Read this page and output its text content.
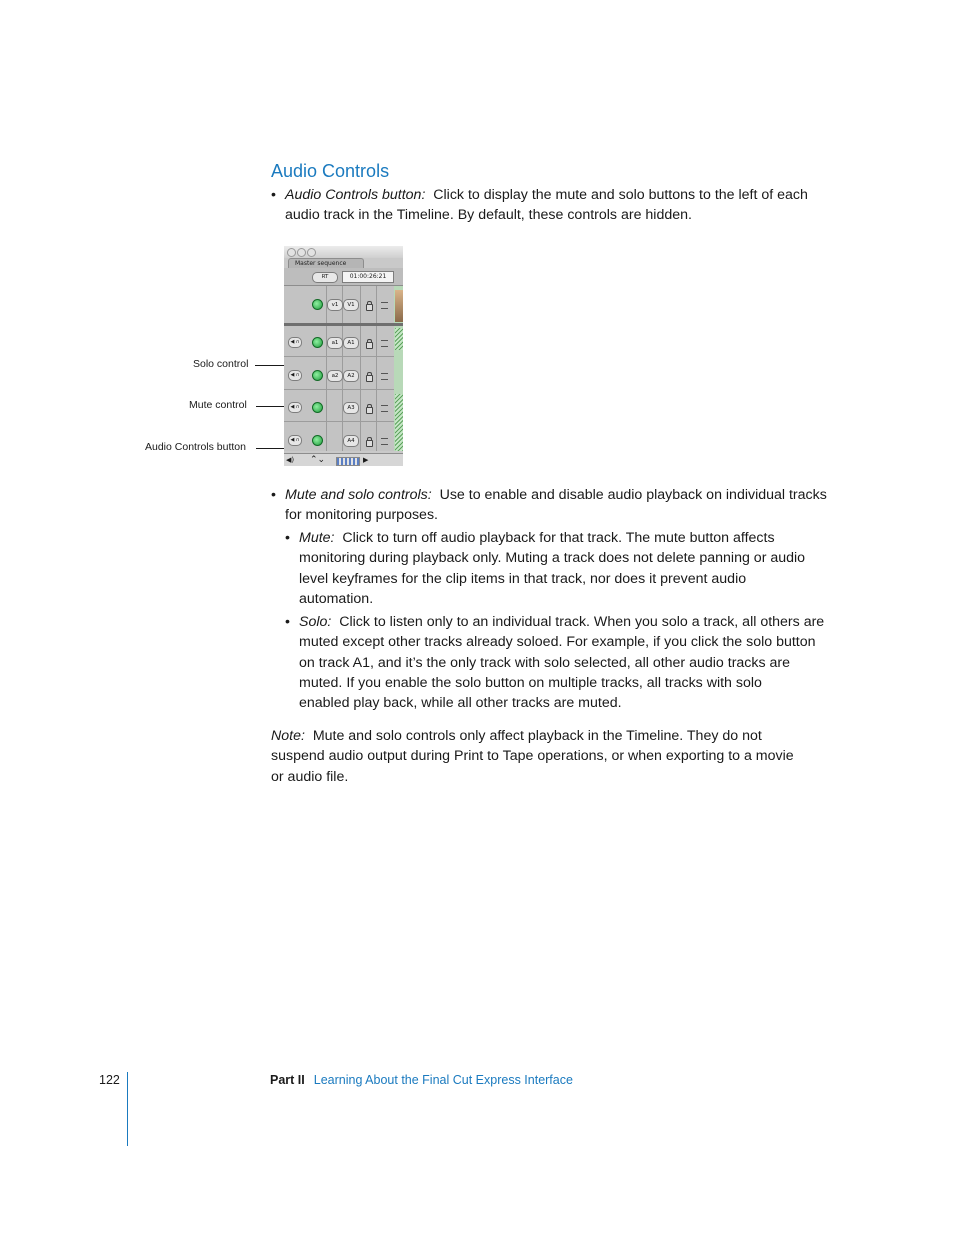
Audio Controls
• Audio Controls button: Click to display the mute and solo buttons to the left of each
audio track in the Timeline. By default, these controls are hidden.
Solo control
Mute control
Audio Controls button
Master sequence
RT	01:00:26:21
v1	V1
◀ ∩	a1	A1
◀ ∩	a2	A2
◀ ∩	A3
◀ ∩	A4
◀) ⌃⌄	▶
• Mute and solo controls: Use to enable and disable audio playback on individual tracks
for monitoring purposes.
• Mute: Click to turn off audio playback for that track. The mute button affects
monitoring during playback only. Muting a track does not delete panning or audio
level keyframes for the clip items in that track, nor does it prevent audio
automation.
• Solo: Click to listen only to an individual track. When you solo a track, all others are
muted except other tracks already soloed. For example, if you click the solo button
on track A1, and it’s the only track with solo selected, all other audio tracks are
muted. If you enable the solo button on multiple tracks, all tracks with solo
enabled play back, while all other tracks are muted.
Note: Mute and solo controls only affect playback in the Timeline. They do not
suspend audio output during Print to Tape operations, or when exporting to a movie
or audio file.
122	Part II Learning About the Final Cut Express Interface
